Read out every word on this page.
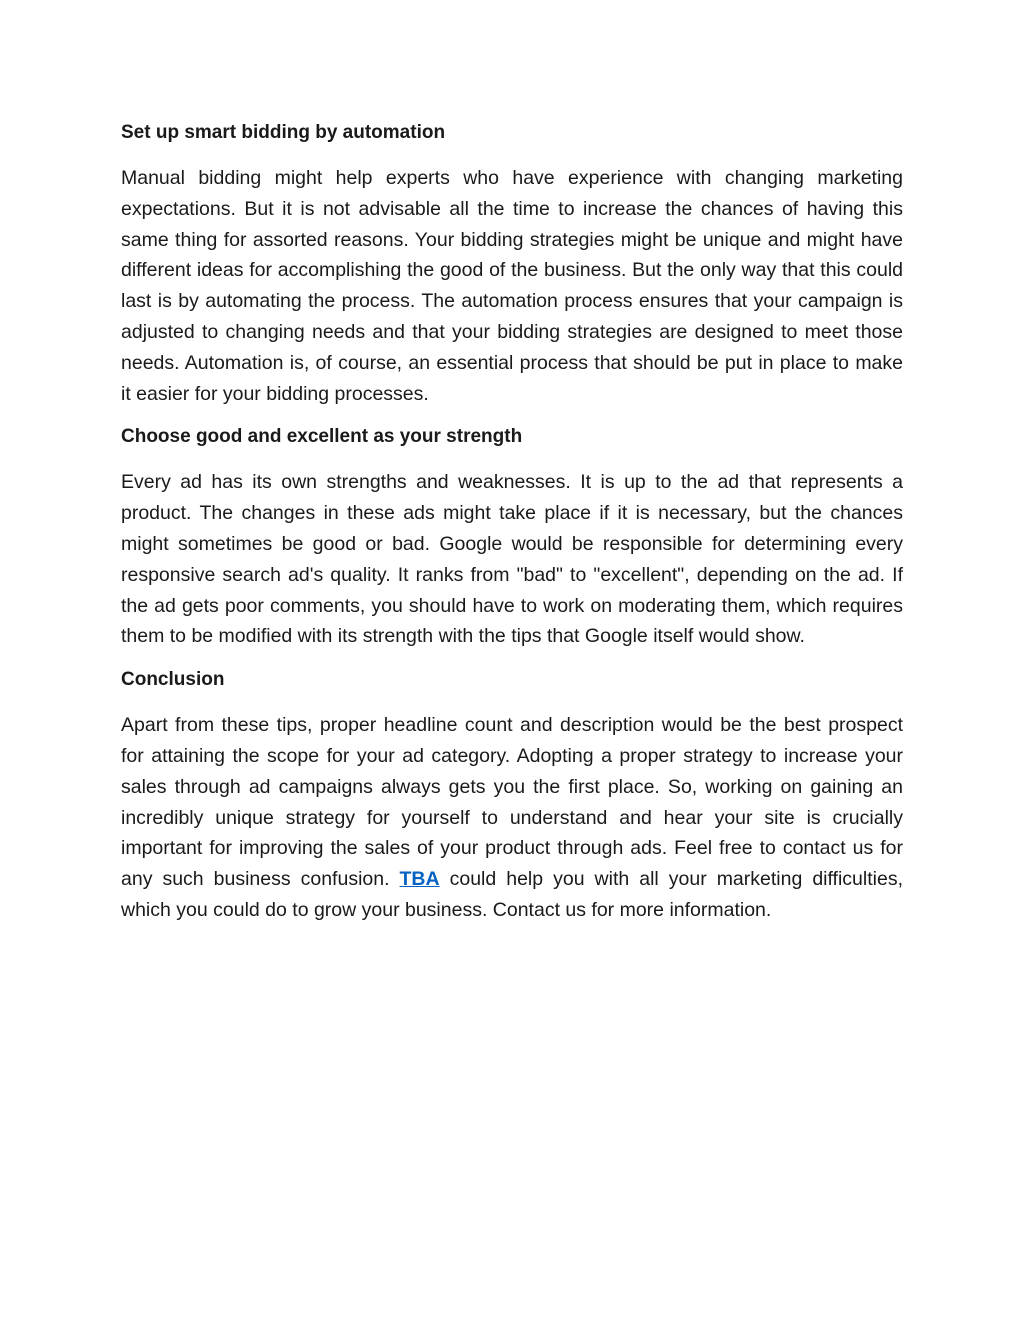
Set up smart bidding by automation
Manual bidding might help experts who have experience with changing marketing expectations. But it is not advisable all the time to increase the chances of having this same thing for assorted reasons. Your bidding strategies might be unique and might have different ideas for accomplishing the good of the business. But the only way that this could last is by automating the process. The automation process ensures that your campaign is adjusted to changing needs and that your bidding strategies are designed to meet those needs. Automation is, of course, an essential process that should be put in place to make it easier for your bidding processes.
Choose good and excellent as your strength
Every ad has its own strengths and weaknesses. It is up to the ad that represents a product. The changes in these ads might take place if it is necessary, but the chances might sometimes be good or bad. Google would be responsible for determining every responsive search ad's quality. It ranks from "bad" to "excellent", depending on the ad. If the ad gets poor comments, you should have to work on moderating them, which requires them to be modified with its strength with the tips that Google itself would show.
Conclusion
Apart from these tips, proper headline count and description would be the best prospect for attaining the scope for your ad category. Adopting a proper strategy to increase your sales through ad campaigns always gets you the first place. So, working on gaining an incredibly unique strategy for yourself to understand and hear your site is crucially important for improving the sales of your product through ads. Feel free to contact us for any such business confusion. TBA could help you with all your marketing difficulties, which you could do to grow your business. Contact us for more information.
